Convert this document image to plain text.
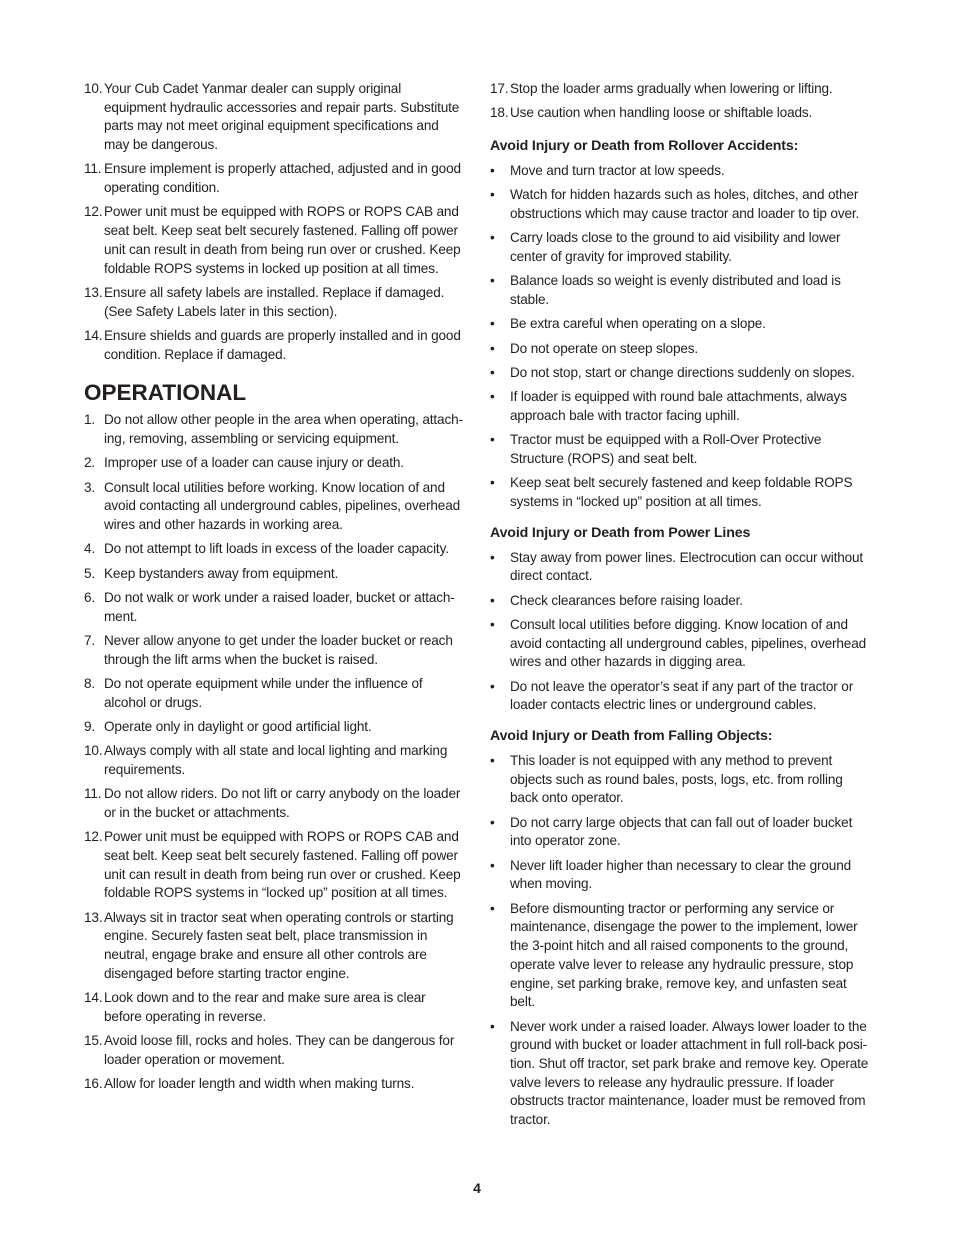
10. Your Cub Cadet Yanmar dealer can supply original equipment hydraulic accessories and repair parts. Substitute parts may not meet original equipment specifications and may be dangerous.
11. Ensure implement is properly attached, adjusted and in good operating condition.
12. Power unit must be equipped with ROPS or ROPS CAB and seat belt. Keep seat belt securely fastened. Falling off power unit can result in death from being run over or crushed. Keep foldable ROPS systems in locked up position at all times.
13. Ensure all safety labels are installed. Replace if damaged. (See Safety Labels later in this section).
14. Ensure shields and guards are properly installed and in good condition. Replace if damaged.
OPERATIONAL
1. Do not allow other people in the area when operating, attach-ing, removing, assembling or servicing equipment.
2. Improper use of a loader can cause injury or death.
3. Consult local utilities before working. Know location of and avoid contacting all underground cables, pipelines, overhead wires and other hazards in working area.
4. Do not attempt to lift loads in excess of the loader capacity.
5. Keep bystanders away from equipment.
6. Do not walk or work under a raised loader, bucket or attach-ment.
7. Never allow anyone to get under the loader bucket or reach through the lift arms when the bucket is raised.
8. Do not operate equipment while under the influence of alcohol or drugs.
9. Operate only in daylight or good artificial light.
10. Always comply with all state and local lighting and marking requirements.
11. Do not allow riders. Do not lift or carry anybody on the loader or in the bucket or attachments.
12. Power unit must be equipped with ROPS or ROPS CAB and seat belt. Keep seat belt securely fastened. Falling off power unit can result in death from being run over or crushed. Keep foldable ROPS systems in “locked up” position at all times.
13. Always sit in tractor seat when operating controls or starting engine. Securely fasten seat belt, place transmission in neutral, engage brake and ensure all other controls are disengaged before starting tractor engine.
14. Look down and to the rear and make sure area is clear before operating in reverse.
15. Avoid loose fill, rocks and holes. They can be dangerous for loader operation or movement.
16. Allow for loader length and width when making turns.
17. Stop the loader arms gradually when lowering or lifting.
18. Use caution when handling loose or shiftable loads.
Avoid Injury or Death from Rollover Accidents:
•	Move and turn tractor at low speeds.
•	Watch for hidden hazards such as holes, ditches, and other obstructions which may cause tractor and loader to tip over.
•	Carry loads close to the ground to aid visibility and lower center of gravity for improved stability.
•	Balance loads so weight is evenly distributed and load is stable.
•	Be extra careful when operating on a slope.
•	Do not operate on steep slopes.
•	Do not stop, start or change directions suddenly on slopes.
•	If loader is equipped with round bale attachments, always approach bale with tractor facing uphill.
•	Tractor must be equipped with a Roll-Over Protective Structure (ROPS) and seat belt.
•	Keep seat belt securely fastened and keep foldable ROPS systems in “locked up” position at all times.
Avoid Injury or Death from Power Lines
•	Stay away from power lines. Electrocution can occur without direct contact.
•	Check clearances before raising loader.
•	Consult local utilities before digging. Know location of and avoid contacting all underground cables, pipelines, overhead wires and other hazards in digging area.
•	Do not leave the operator’s seat if any part of the tractor or loader contacts electric lines or underground cables.
Avoid Injury or Death from Falling Objects:
•	This loader is not equipped with any method to prevent objects such as round bales, posts, logs, etc. from rolling back onto operator.
•	Do not carry large objects that can fall out of loader bucket into operator zone.
•	Never lift loader higher than necessary to clear the ground when moving.
•	Before dismounting tractor or performing any service or maintenance, disengage the power to the implement, lower the 3-point hitch and all raised components to the ground, operate valve lever to release any hydraulic pressure, stop engine, set parking brake, remove key, and unfasten seat belt.
•	Never work under a raised loader. Always lower loader to the ground with bucket or loader attachment in full roll-back posi-tion. Shut off tractor, set park brake and remove key. Operate valve levers to release any hydraulic pressure. If loader obstructs tractor maintenance, loader must be removed from tractor.
4
